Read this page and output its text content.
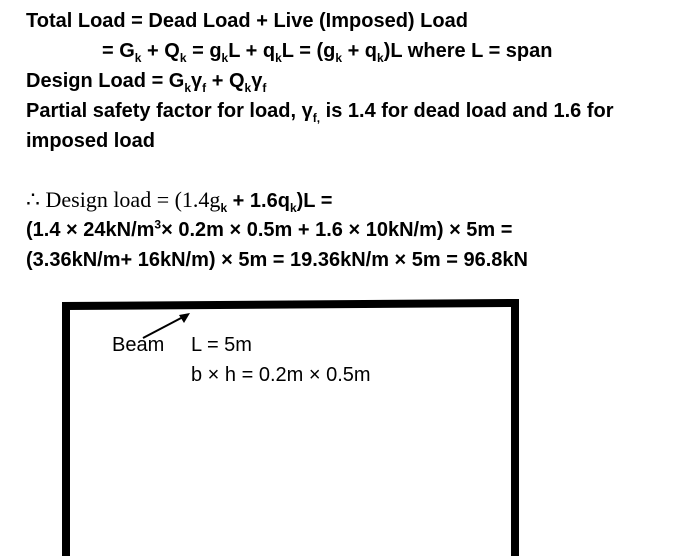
Total Load = Dead Load + Live (Imposed) Load
= $G_k + Q_k = g_kL + q_kL = (g_k + q_k)L$ where L = span
Design Load = $G_k\gamma_f + Q_k\gamma_f$
Partial safety factor for load, $\gamma_{f,}$ is 1.4 for dead load and 1.6 for
imposed load
∴ Design load = $(1.4g_k + 1.6q_k)L$ =
$(1.4 \times 24kN/m^3\times 0.2m \times 0.5m + 1.6 \times 10kN/m) \times 5m$ =
(3.36kN/m+ 16kN/m) × 5m = 19.36kN/m × 5m = 96.8kN
Beam L = 5m
b × h = 0.2m × 0.5m
